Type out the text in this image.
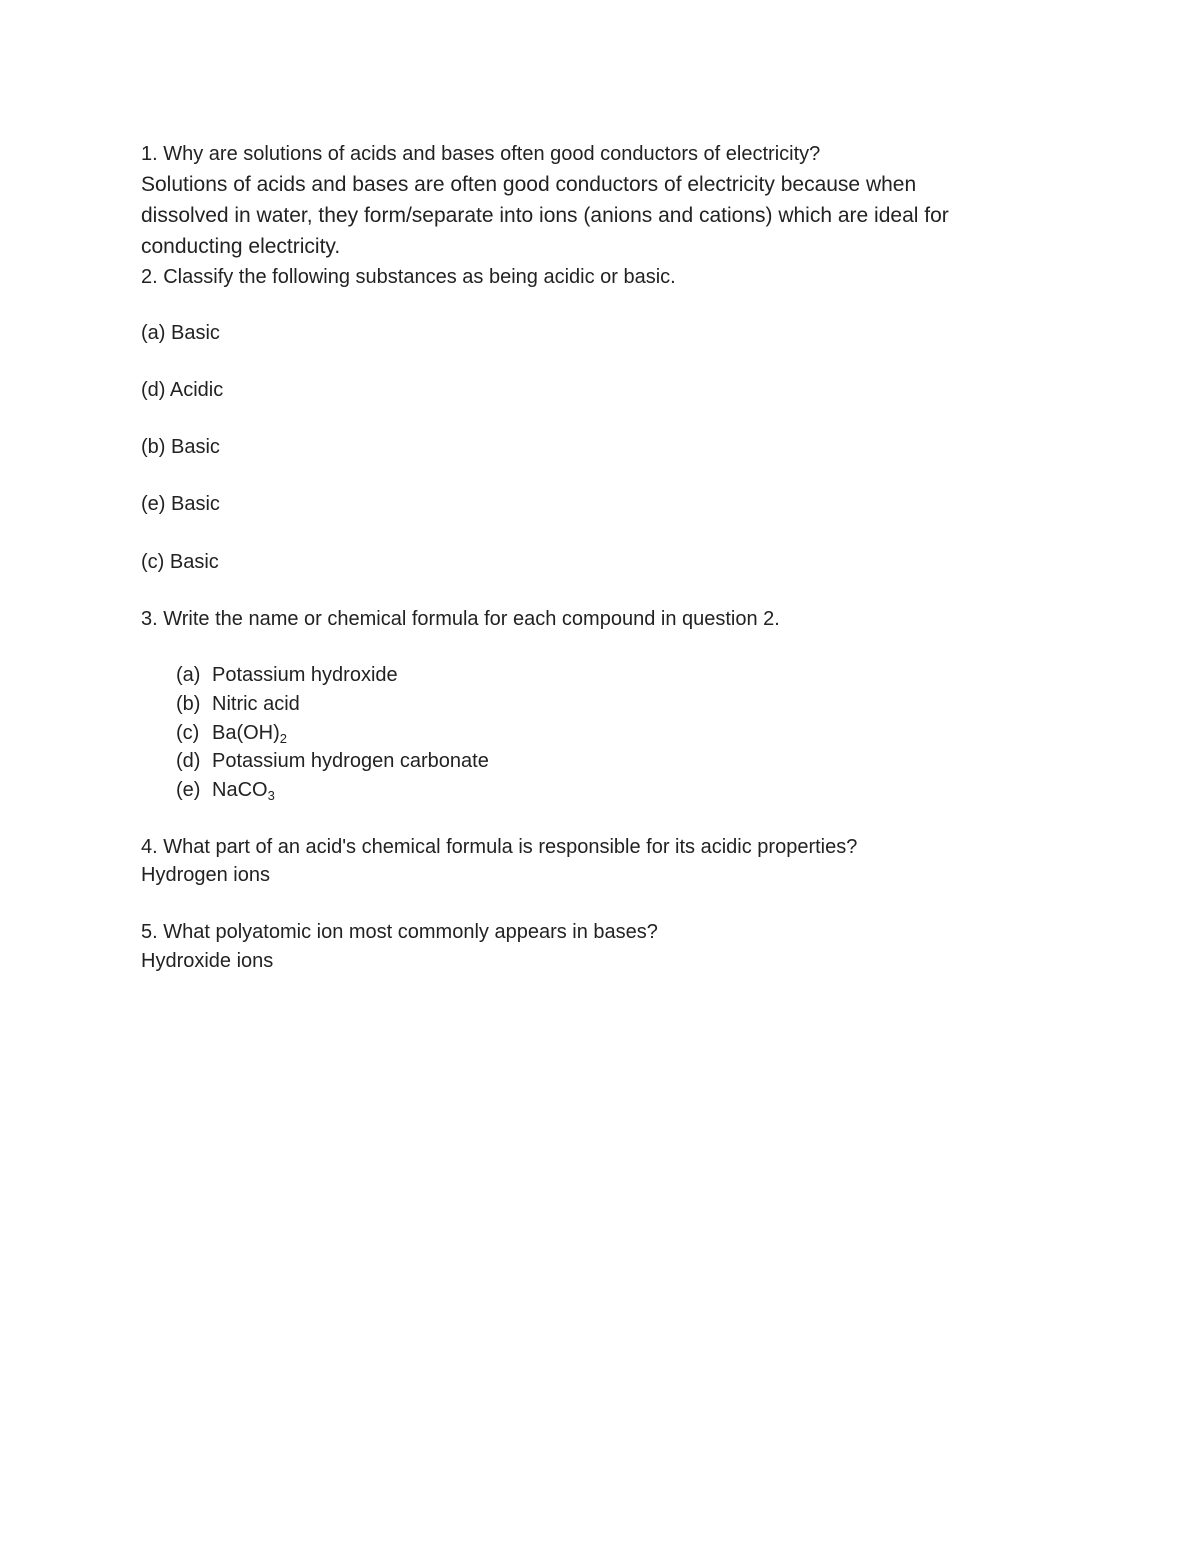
1. Why are solutions of acids and bases often good conductors of electricity?
Solutions of acids and bases are often good conductors of electricity because when
dissolved in water, they form/separate into ions (anions and cations) which are ideal for
conducting electricity.
2. Classify the following substances as being acidic or basic.
(a) Basic
(d) Acidic
(b) Basic
(e) Basic
(c) Basic
3. Write the name or chemical formula for each compound in question 2.
(a) Potassium hydroxide
(b) Nitric acid
(c) $Ba(OH)_2$
(d) Potassium hydrogen carbonate
(e) NaCO$_3$
4. What part of an acid's chemical formula is responsible for its acidic properties?
Hydrogen ions
5. What polyatomic ion most commonly appears in bases?
Hydroxide ions
